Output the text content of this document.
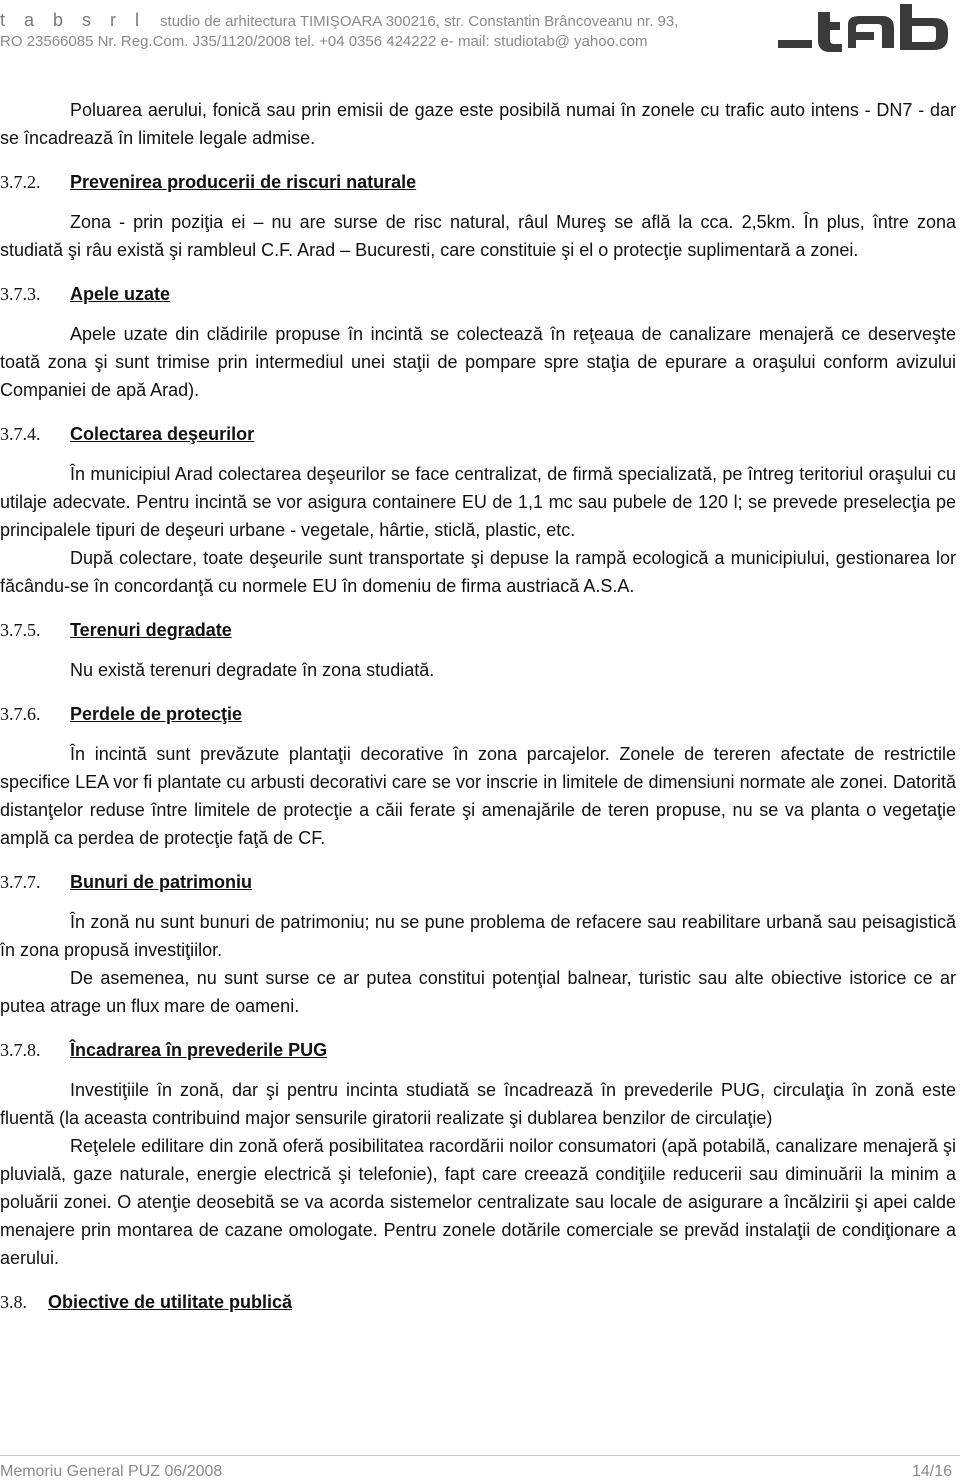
t a b s r l studio de arhitectura TIMIŞOARA 300216, str. Constantin Brâncoveanu nr. 93,
RO 23566085 Nr. Reg.Com. J35/1120/2008 tel. +04 0356 424222 e- mail: studiotab@ yahoo.com

Poluarea aerului, fonică sau prin emisii de gaze este posibilă numai în zonele cu trafic auto intens - DN7 - dar se încadrează în limitele legale admise.

3.7.2. Prevenirea producerii de riscuri naturale

Zona - prin poziţia ei – nu are surse de risc natural, râul Mureş se află la cca. 2,5km. În plus, între zona studiată şi râu există şi rambleul C.F. Arad – Bucuresti, care constituie şi el o protecţie suplimentară a zonei.

3.7.3. Apele uzate

Apele uzate din clădirile propuse în incintă se colectează în reţeaua de canalizare menajeră ce deserveşte toată zona şi sunt trimise prin intermediul unei staţii de pompare spre staţia de epurare a oraşului conform avizului Companiei de apă Arad).

3.7.4. Colectarea deşeurilor

În municipiul Arad colectarea deşeurilor se face centralizat, de firmă specializată, pe întreg teritoriul oraşului cu utilaje adecvate. Pentru incintă se vor asigura containere EU de 1,1 mc sau pubele de 120 l; se prevede preselecţia pe principalele tipuri de deşeuri urbane - vegetale, hârtie, sticlă, plastic, etc.

După colectare, toate deşeurile sunt transportate şi depuse la rampă ecologică a municipiului, gestionarea lor făcându-se în concordanţă cu normele EU în domeniu de firma austriacă A.S.A.

3.7.5. Terenuri degradate

Nu există terenuri degradate în zona studiată.

3.7.6. Perdele de protecţie

În incintă sunt prevăzute plantaţii decorative în zona parcajelor. Zonele de tereren afectate de restrictile specifice LEA vor fi plantate cu arbusti decorativi care se vor inscrie in limitele de dimensiuni normate ale zonei. Datorită distanţelor reduse între limitele de protecţie a căii ferate şi amenajările de teren propuse, nu se va planta o vegetaţie amplă ca perdea de protecţie faţă de CF.

3.7.7. Bunuri de patrimoniu

În zonă nu sunt bunuri de patrimoniu; nu se pune problema de refacere sau reabilitare urbană sau peisagistică în zona propusă investiţiilor.

De asemenea, nu sunt surse ce ar putea constitui potenţial balnear, turistic sau alte obiective istorice ce ar putea atrage un flux mare de oameni.

3.7.8. Încadrarea în prevederile PUG

Investiţiile în zonă, dar şi pentru incinta studiată se încadrează în prevederile PUG, circulaţia în zonă este fluentă (la aceasta contribuind major sensurile giratorii realizate şi dublarea benzilor de circulaţie)

Reţelele edilitare din zonă oferă posibilitatea racordării noilor consumatori (apă potabilă, canalizare menajeră şi pluvială, gaze naturale, energie electrică şi telefonie), fapt care creează condiţiile reducerii sau diminuării la minim a poluării zonei. O atenţie deosebită se va acorda sistemelor centralizate sau locale de asigurare a încălzirii şi apei calde menajere prin montarea de cazane omologate. Pentru zonele dotările comerciale se prevăd instalaţii de condiţionare a aerului.

3.8. Obiective de utilitate publică
Memoriu General PUZ 06/2008	14/16
